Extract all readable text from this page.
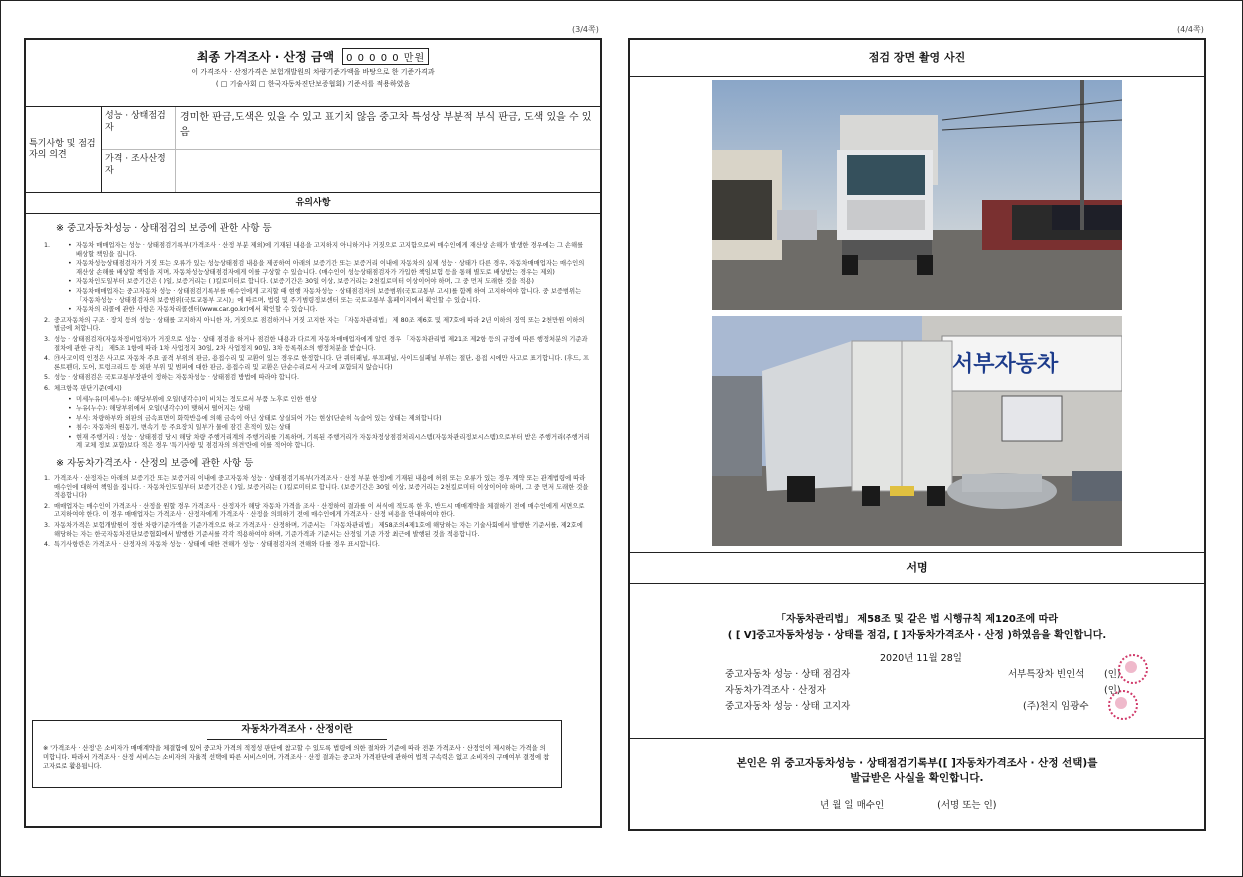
(3/4쪽)	(4/4쪽)
최종 가격조사 · 산정 금액	0 0 0 0 0 만원
이 가격조사 · 산정가격은 보험개발원의 차량기준가액을 바탕으로 한 기준가격과
( □ 기술사회 □ 한국자동차진단보증협회) 기준서를 적용하였음
특기사항 및 점검자의 의견
성능 · 상태점검자
경미한 판금,도색은 있을 수 있고 표기치 않음 중고차 특성상 부분적 부식 판금, 도색 있을 수 있음
가격 · 조사산정자
유의사항
※ 중고자동차성능 · 상태점검의 보증에 관한 사항 등
1.
•	자동차 매매업자는 성능 · 상태점검기록부(가격조사 · 산정 부분 제외)에 기재된 내용을 고지하지 아니하거나 거짓으로 고지함으로써 매수인에게 재산상 손해가 발생한 경우에는 그 손해를 배상할 책임을 집니다.
• 자동차성능상태점검자가 거짓 또는 오류가 있는 성능상태점검 내용을 제공하여 아래의 보증기간 또는 보증거리 이내에 자동차의 실제 성능 · 상태가 다른 경우, 자동차매매업자는 매수인의 재산상 손해를 배상할 책임을 지며, 자동차성능상태점검자에게 이를 구상할 수 있습니다. (매수인이 성능상태점검자가 가입한 책임보험 등을 통해 별도로 배상받는 경우는 제외)
• 자동차인도일부터 보증기간은 ( )일, 보증거리는 ( )킬로미터로 합니다. (보증기간은 30일 이상, 보증거리는 2천킬로미터 이상이어야 하며, 그 중 먼저 도래한 것을 적용)
• 자동차매매업자는 중고자동차 성능 · 상태점검기록부를 매수인에게 고지할 때 현행 자동차성능 · 상태점검자의 보증범위(국토교통부 고시)를 함께 하여 고지하여야 합니다. 중 보증범위는 「자동차성능 · 상태점검자의 보증범위(국토교통부 고시)」에 따르며, 법령 및 주기범령정보센터 또는 국토교통부 홈페이지에서 확인할 수 있습니다.
• 자동차의 리콜에 관한 사항은 자동차리콜센터(www.car.go.kr)에서 확인할 수 있습니다.
2. 중고자동차의 구조 · 장치 등의 성능 · 상태를 고지하지 아니한 자, 거짓으로 점검하거나 거짓 고지한 자는 「자동차관리법」 제 80조 제6호 및 제7호에 따라 2년 이하의 징역 또는 2천만원 이하의 벌금에 처합니다.
3. 성능 · 상태점검자(자동차정비업자)가 거짓으로 성능 · 상태 점검을 하거나 점검한 내용과 다르게 자동차매매업자에게 알린 경우 「자동차관리법 제21조 제2항 등의 규정에 따른 행정처분의 기준과 절차에 관한 규칙」 제5조 1항에 따라 1차 사업정지 30일, 2차 사업정지 90일, 3차 등록취소의 행정처분을 받습니다.
4. ㉮사고이력 인정은 사고로 자동차 주요 골격 부위의 판금, 용접수리 및 교환이 있는 경우로 한정합니다. 단 쿼터패널, 루프패널, 사이드실패널 부위는 절단, 용접 시에만 사고로 표기합니다. (후드, 프론트펜더, 도어, 트렁크리드 등 외판 부위 및 범퍼에 대한 판금, 용접수리 및 교환은 단순수리로서 사고에 포함되지 않습니다)
5. 성능 · 상태점검은 국토교통부장관이 정하는 자동차성능 · 상태점검 방법에 따라야 합니다.
6. 체크항목 판단기준(예시)
• 미세누유(미세누수): 해당부위에 오일(냉각수)이 비치는 정도로서 부품 노후로 인한 현상
• 누유(누수): 해당부위에서 오일(냉각수)이 맺혀서 떨어지는 상태
• 부식: 차량하부와 외판의 금속표면이 화학반응에 의해 금속이 아닌 상태로 상실되어 가는 현상(단순히 녹슬어 있는 상태는 제외합니다)
• 침수: 자동차의 원동기, 변속기 등 주요장치 일부가 물에 잠긴 흔적이 있는 상태
• 현재 주행거리 : 성능 · 상태점검 당시 해당 차량 주행거리계의 주행거리를 기록하며, 기록된 주행거리가 자동차정상점검처리시스템(자동차관리정보시스템)으로부터 받은 주행거리(주행거리계 교체 정보 포함)보다 적은 경우 '특기사항 및 점검자의 의견'란에 이를 적어야 합니다.
※ 자동차가격조사 · 산정의 보증에 관한 사항 등
1. 가격조사 · 산정자는 아래의 보증기간 또는 보증거리 이내에 중고자동차 성능 · 상태점검기록부(가격조사 · 산정 부분 한정)에 기재된 내용에 허위 또는 오류가 있는 경우 계약 또는 관계법령에 따라 매수인에 대하여 책임을 집니다. · 자동차인도일부터 보증기간은 ( )일, 보증거리는 ( )킬로미터로 합니다. (보증기간은 30일 이상, 보증거리는 2천킬로미터 이상이어야 하며, 그 중 먼저 도래한 것을 적용합니다)
2. 매매업자는 매수인이 가격조사 · 산정을 원할 경우 가격조사 · 산정자가 해당 자동차 가격을 조사 · 산정하여 결과를 이 서식에 적도록 한 후, 반드시 매매계약을 체결하기 전에 매수인에게 서면으로 고지하여야 한다. 이 경우 매매업자는 가격조사 · 산정자에게 가격조사 · 산정을 의뢰하기 전에 매수인에게 가격조사 · 산정 비용을 안내하여야 한다.
3. 자동차가격은 보험개발원이 정한 차량기준가액을 기준가격으로 하고 가격조사 · 산정하며, 기준서는 「자동차관리법」 제58조의4제1호에 해당하는 자는 기술사회에서 발행한 기준서를, 제2호에 해당하는 자는 한국자동차진단보증협회에서 발행한 기준서를 각각 적용하여야 하며, 기준가격과 기준서는 산정일 기준 가장 최근에 발행된 것을 적용합니다.
4. 특기사항란은 가격조사 · 산정자의 자동차 성능 · 상태에 대한 견해가 성능 · 상태점검자의 견해와 다를 경우 표시합니다.
자동차가격조사 · 산정이란
※ '가격조사 · 산정'은 소비자가 매매계약을 체결함에 있어 중고차 가격의 적정성 판단에 참고할 수 있도록 법령에 의한 절차와 기준에 따라 전문 가격조사 · 산정인이 제시하는 가격을 의미합니다. 따라서 가격조사 · 산정 서비스는 소비자의 자율적 선택에 따른 서비스이며, 가격조사 · 산정 결과는 중고차 가격판단에 관하여 법적 구속력은 없고 소비자의 구매여부 결정에 참고자료로 활용됩니다.
점검 장면 촬영 사진
서부자동차
서명
「자동차관리법」 제58조 및 같은 법 시행규칙 제120조에 따라
( [ V]중고자동차성능 · 상태를 점검, [ ]자동차가격조사 · 산정 )하였음을 확인합니다.
2020년 11월 28일
중고자동차 성능 · 상태 점검자
자동차가격조사 · 산정자
중고자동차 성능 · 상태 고지자
서부특장차 빈인석 (인)
(인)
(주)천지 임광수
본인은 위 중고자동차성능 · 상태점검기록부([ ]자동차가격조사 · 산정 선택)를
발급받은 사실을 확인합니다.
년 월 일 매수인	(서명 또는 인)
